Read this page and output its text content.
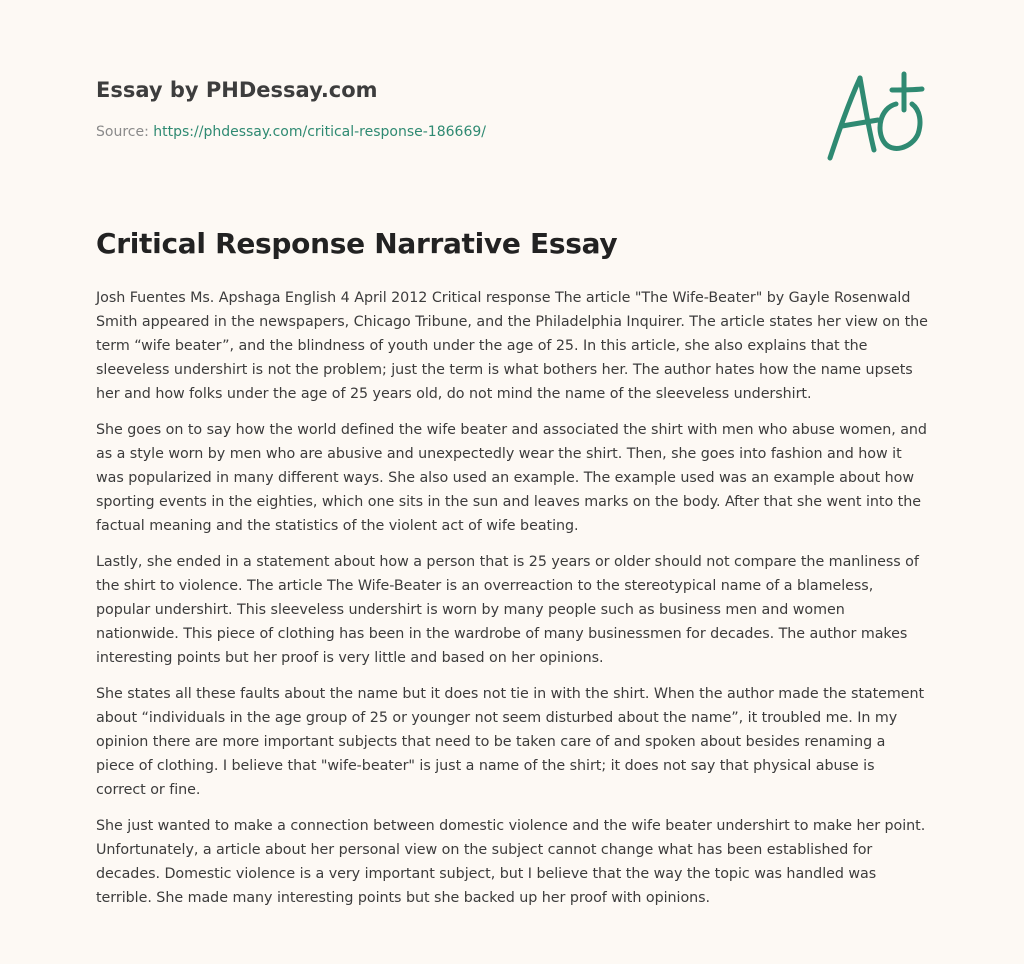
Essay by PHDessay.com
Source: https://phdessay.com/critical-response-186669/
Critical Response Narrative Essay

Josh Fuentes Ms. Apshaga English 4 April 2012 Critical response The article "The Wife-Beater" by Gayle Rosenwald Smith appeared in the newspapers, Chicago Tribune, and the Philadelphia Inquirer. The article states her view on the term “wife beater”, and the blindness of youth under the age of 25. In this article, she also explains that the sleeveless undershirt is not the problem; just the term is what bothers her. The author hates how the name upsets her and how folks under the age of 25 years old, do not mind the name of the sleeveless undershirt.

She goes on to say how the world defined the wife beater and associated the shirt with men who abuse women, and as a style worn by men who are abusive and unexpectedly wear the shirt. Then, she goes into fashion and how it was popularized in many different ways. She also used an example. The example used was an example about how sporting events in the eighties, which one sits in the sun and leaves marks on the body. After that she went into the factual meaning and the statistics of the violent act of wife beating.

Lastly, she ended in a statement about how a person that is 25 years or older should not compare the manliness of the shirt to violence. The article The Wife-Beater is an overreaction to the stereotypical name of a blameless, popular undershirt. This sleeveless undershirt is worn by many people such as business men and women nationwide. This piece of clothing has been in the wardrobe of many businessmen for decades. The author makes interesting points but her proof is very little and based on her opinions.

She states all these faults about the name but it does not tie in with the shirt. When the author made the statement about “individuals in the age group of 25 or younger not seem disturbed about the name”, it troubled me. In my opinion there are more important subjects that need to be taken care of and spoken about besides renaming a piece of clothing. I believe that "wife-beater" is just a name of the shirt; it does not say that physical abuse is correct or fine.

She just wanted to make a connection between domestic violence and the wife beater undershirt to make her point. Unfortunately, a article about her personal view on the subject cannot change what has been established for decades. Domestic violence is a very important subject, but I believe that the way the topic was handled was terrible. She made many interesting points but she backed up her proof with opinions.
